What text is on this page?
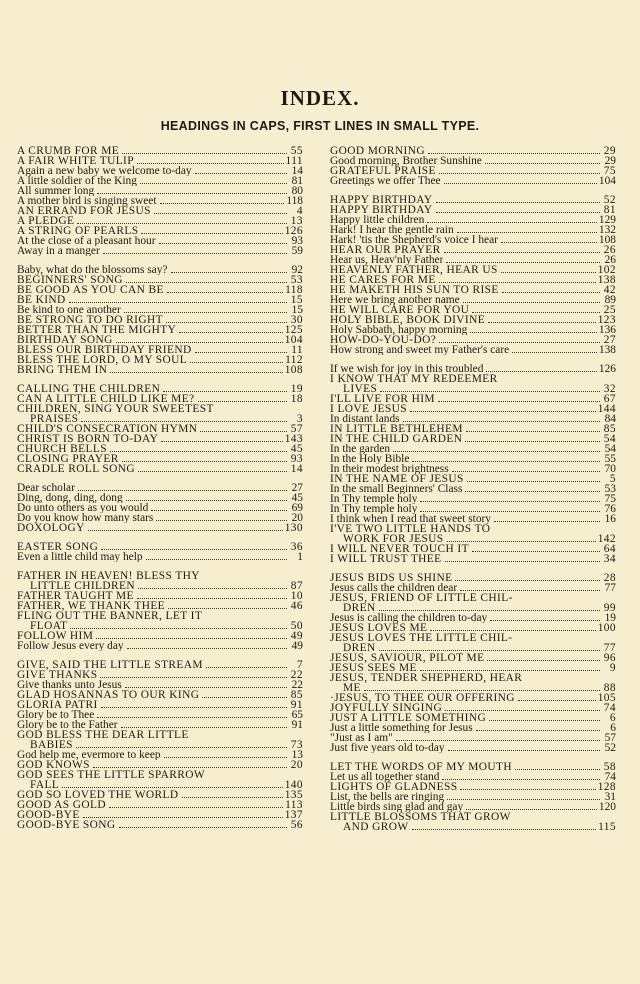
INDEX.
HEADINGS IN CAPS, FIRST LINES IN SMALL TYPE.
A CRUMB FOR ME	55
A FAIR WHITE TULIP	111
Again a new baby we welcome to-day	14
A little soldier of the King	81
All summer long	80
A mother bird is singing sweet	118
AN ERRAND FOR JESUS	4
A PLEDGE	13
A STRING OF PEARLS	126
At the close of a pleasant hour	93
Away in a manger	59
Baby, what do the blossoms say?	92
BEGINNERS' SONG	53
BE GOOD AS YOU CAN BE	118
BE KIND	15
Be kind to one another	15
BE STRONG TO DO RIGHT	30
BETTER THAN THE MIGHTY	125
BIRTHDAY SONG	104
BLESS OUR BIRTHDAY FRIEND	11
BLESS THE LORD, O MY SOUL	112
BRING THEM IN	108
CALLING THE CHILDREN	19
CAN A LITTLE CHILD LIKE ME?	18
CHILDREN, SING YOUR SWEETEST
PRAISES	3
CHILD'S CONSECRATION HYMN	57
CHRIST IS BORN TO-DAY	143
CHURCH BELLS	45
CLOSING PRAYER	93
CRADLE ROLL SONG	14
Dear scholar	27
Ding, dong, ding, dong	45
Do unto others as you would	69
Do you know how many stars	20
DOXOLOGY	130
EASTER SONG	36
Even a little child may help	1
FATHER IN HEAVEN! BLESS THY
LITTLE CHILDREN	87
FATHER TAUGHT ME	10
FATHER, WE THANK THEE	46
FLING OUT THE BANNER, LET IT
FLOAT	50
FOLLOW HIM	49
Follow Jesus every day	49
GIVE, SAID THE LITTLE STREAM	7
GIVE THANKS	22
Give thanks unto Jesus	22
GLAD HOSANNAS TO OUR KING	85
GLORIA PATRI	91
Glory be to Thee	65
Glory be to the Father	91
GOD BLESS THE DEAR LITTLE
BABIES	73
God help me, evermore to keep	13
GOD KNOWS	20
GOD SEES THE LITTLE SPARROW
FALL	140
GOD SO LOVED THE WORLD	135
GOOD AS GOLD	113
GOOD-BYE	137
GOOD-BYE SONG	56
GOOD MORNING	29
Good morning, Brother Sunshine	29
GRATEFUL PRAISE	75
Greetings we offer Thee	104
HAPPY BIRTHDAY	52
HAPPY BIRTHDAY	81
Happy little children	129
Hark! I hear the gentle rain	132
Hark! 'tis the Shepherd's voice I hear	108
HEAR OUR PRAYER	26
Hear us, Heav'nly Father	26
HEAVENLY FATHER, HEAR US	102
HE CARES FOR ME	138
HE MAKETH HIS SUN TO RISE	42
Here we bring another name	89
HE WILL CARE FOR YOU	25
HOLY BIBLE, BOOK DIVINE	123
Holy Sabbath, happy morning	136
HOW-DO-YOU-DO?	27
How strong and sweet my Father's care	138
If we wish for joy in this troubled	126
I KNOW THAT MY REDEEMER
LIVES	32
I'LL LIVE FOR HIM	67
I LOVE JESUS	144
In distant lands	84
IN LITTLE BETHLEHEM	85
IN THE CHILD GARDEN	54
In the garden	54
In the Holy Bible	55
In their modest brightness	70
IN THE NAME OF JESUS	5
In the small Beginners' Class	53
In Thy temple holy	75
In Thy temple holy	76
I think when I read that sweet story	16
I'VE TWO LITTLE HANDS TO
WORK FOR JESUS	142
I WILL NEVER TOUCH IT	64
I WILL TRUST THEE	34
JESUS BIDS US SHINE	28
Jesus calls the children dear	77
JESUS, FRIEND OF LITTLE CHIL-
DREN	99
Jesus is calling the children to-day	19
JESUS LOVES ME	100
JESUS LOVES THE LITTLE CHIL-
DREN	77
JESUS, SAVIOUR, PILOT ME	96
JESUS SEES ME	9
JESUS, TENDER SHEPHERD, HEAR
ME	88
·JESUS, TO THEE OUR OFFERING	105
JOYFULLY SINGING	74
JUST A LITTLE SOMETHING	6
Just a little something for Jesus	6
"Just as I am"	57
Just five years old to-day	52
LET THE WORDS OF MY MOUTH	58
Let us all together stand	74
LIGHTS OF GLADNESS	128
List, the bells are ringing	31
Little birds sing glad and gay	120
LITTLE BLOSSOMS THAT GROW
AND GROW	115
